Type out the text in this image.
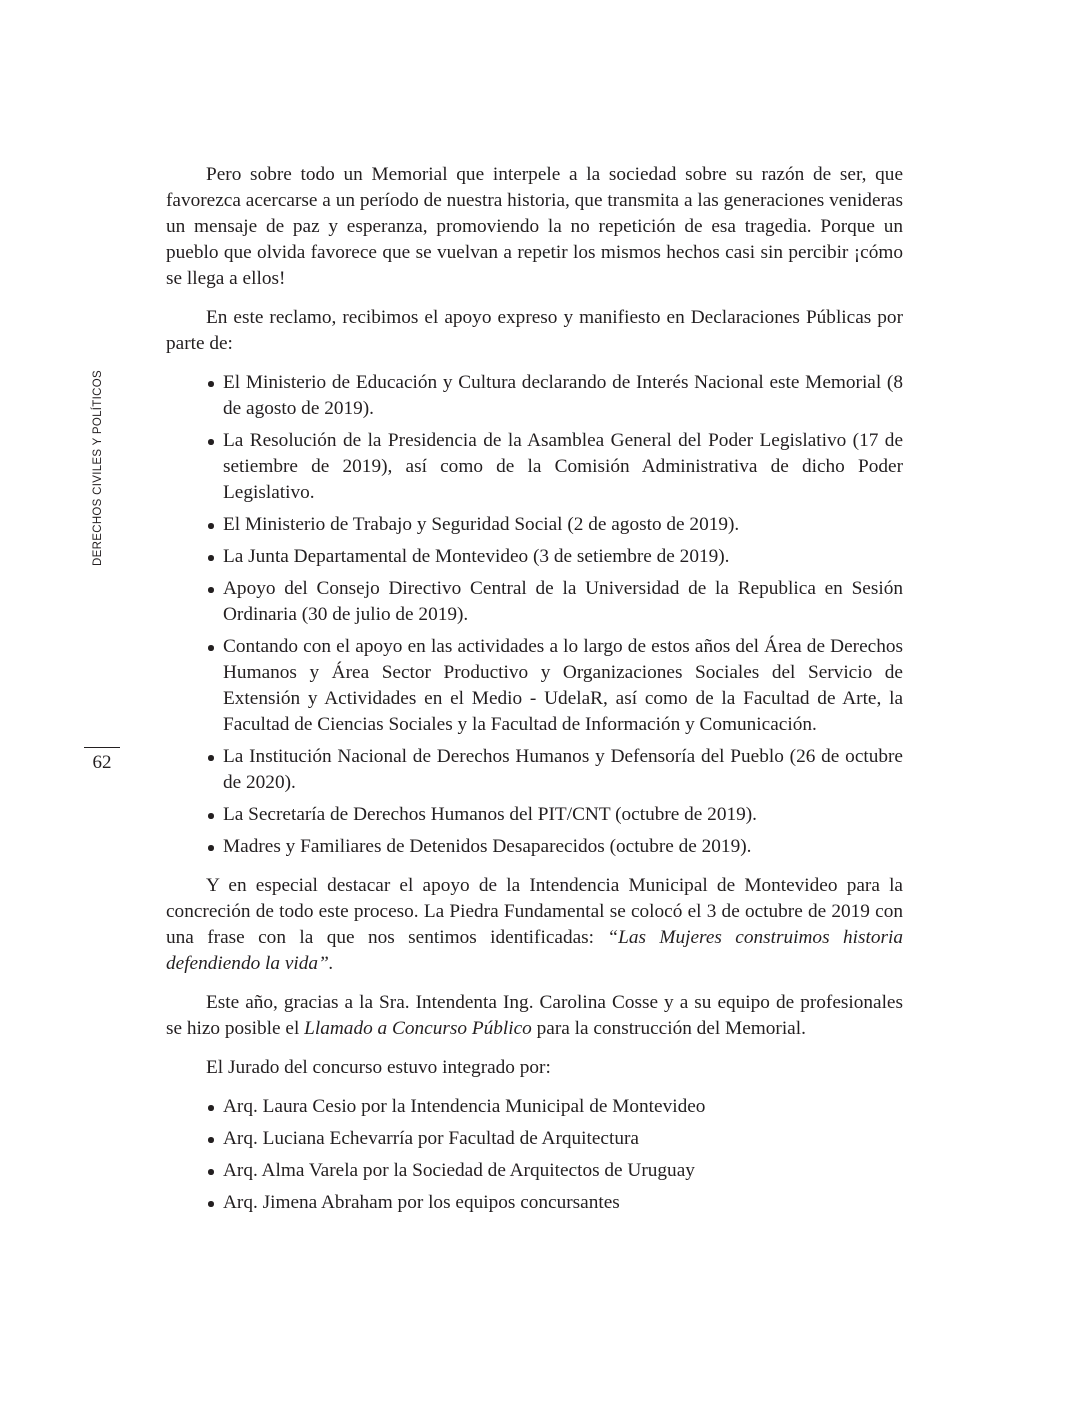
DERECHOS CIVILES Y POLÍTICOS
62

Pero sobre todo un Memorial que interpele a la sociedad sobre su razón de ser, que favorezca acercarse a un período de nuestra historia, que transmita a las generaciones venideras un mensaje de paz y esperanza, promoviendo la no repetición de esa tragedia. Porque un pueblo que olvida favorece que se vuelvan a repetir los mismos hechos casi sin percibir ¡cómo se llega a ellos!

En este reclamo, recibimos el apoyo expreso y manifiesto en Declaraciones Públicas por parte de:

El Ministerio de Educación y Cultura declarando de Interés Nacional este Memorial (8 de agosto de 2019).
La Resolución de la Presidencia de la Asamblea General del Poder Legislativo (17 de setiembre de 2019), así como de la Comisión Administrativa de dicho Poder Legislativo.
El Ministerio de Trabajo y Seguridad Social (2 de agosto de 2019).
La Junta Departamental de Montevideo (3 de setiembre de 2019).
Apoyo del Consejo Directivo Central de la Universidad de la Republica en Sesión Ordinaria (30 de julio de 2019).
Contando con el apoyo en las actividades a lo largo de estos años del Área de Derechos Humanos y Área Sector Productivo y Organizaciones Sociales del Servicio de Extensión y Actividades en el Medio - UdelaR, así como de la Facultad de Arte, la Facultad de Ciencias Sociales y la Facultad de Información y Comunicación.
La Institución Nacional de Derechos Humanos y Defensoría del Pueblo (26 de octubre de 2020).
La Secretaría de Derechos Humanos del PIT/CNT (octubre de 2019).
Madres y Familiares de Detenidos Desaparecidos (octubre de 2019).

Y en especial destacar el apoyo de la Intendencia Municipal de Montevideo para la concreción de todo este proceso. La Piedra Fundamental se colocó el 3 de octubre de 2019 con una frase con la que nos sentimos identificadas: “Las Mujeres construimos historia defendiendo la vida”.

Este año, gracias a la Sra. Intendenta Ing. Carolina Cosse y a su equipo de profesionales se hizo posible el Llamado a Concurso Público para la construcción del Memorial.

El Jurado del concurso estuvo integrado por:

Arq. Laura Cesio por la Intendencia Municipal de Montevideo
Arq. Luciana Echevarría por Facultad de Arquitectura
Arq. Alma Varela por la Sociedad de Arquitectos de Uruguay
Arq. Jimena Abraham por los equipos concursantes
